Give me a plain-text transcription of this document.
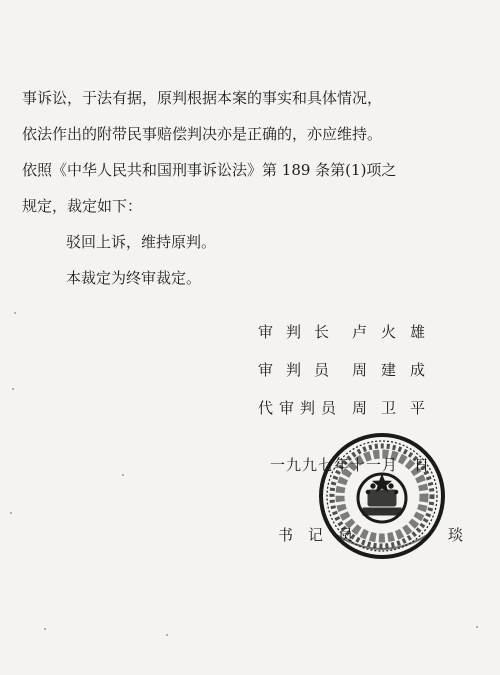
事诉讼，于法有据，原判根据本案的事实和具体情况，
依法作出的附带民事赔偿判决亦是正确的，亦应维持。
依照《中华人民共和国刑事诉讼法》第 189 条第(1)项之
规定，裁定如下：
驳回上诉，维持原判。
本裁定为终审裁定。
审判长 卢火雄
审判员 周建成
代审判员 周卫平
一九九七年十一月　日
书　记　员	琰
